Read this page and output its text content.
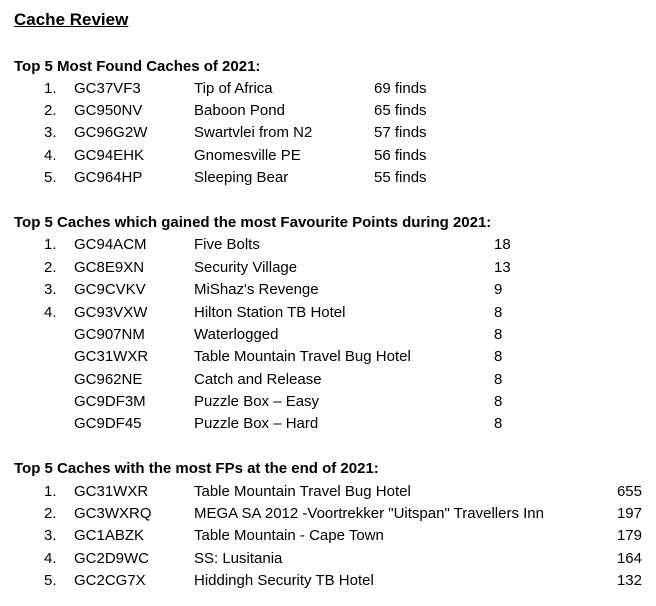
Cache Review
Top 5 Most Found Caches of 2021:
1. GC37VF3	Tip of Africa	69 finds
2. GC950NV	Baboon Pond	65 finds
3. GC96G2W	Swartvlei from N2	57 finds
4. GC94EHK	Gnomesville PE	56 finds
5. GC964HP	Sleeping Bear	55 finds
Top 5 Caches which gained the most Favourite Points during 2021:
1. GC94ACM	Five Bolts	18
2. GC8E9XN	Security Village	13
3. GC9CVKV	MiShaz's Revenge	9
4. GC93VXW	Hilton Station TB Hotel	8
GC907NM	Waterlogged	8
GC31WXR	Table Mountain Travel Bug Hotel	8
GC962NE	Catch and Release	8
GC9DF3M	Puzzle Box – Easy	8
GC9DF45	Puzzle Box – Hard	8
Top 5 Caches with the most FPs at the end of 2021:
1. GC31WXR	Table Mountain Travel Bug Hotel	655
2. GC3WXRQ	MEGA SA 2012 -Voortrekker "Uitspan" Travellers Inn	197
3. GC1ABZK	Table Mountain - Cape Town	179
4. GC2D9WC	SS: Lusitania	164
5. GC2CG7X	Hiddingh Security TB Hotel	132
